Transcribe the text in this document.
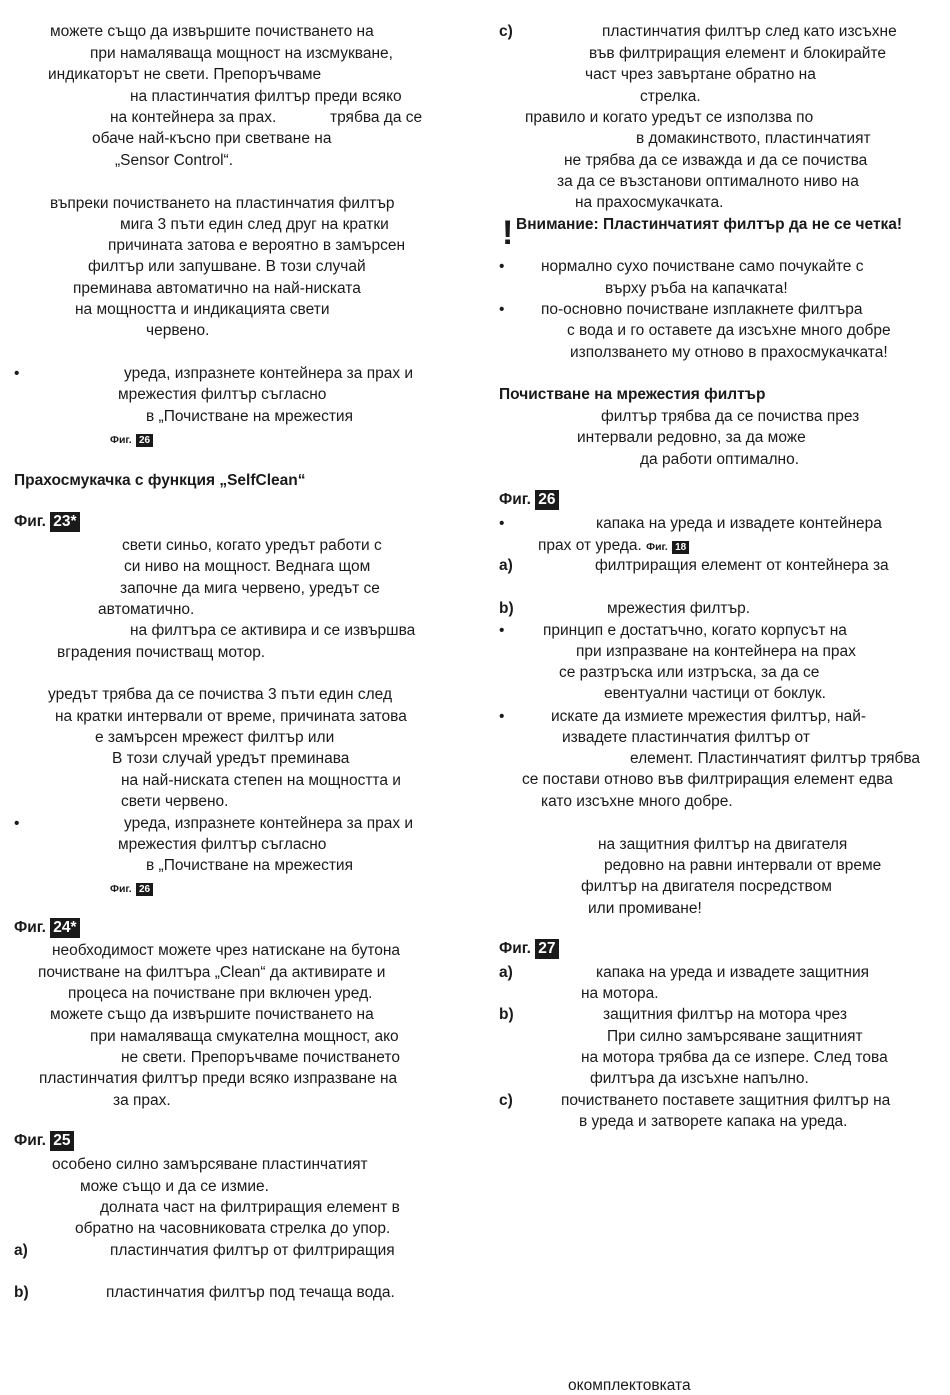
можете също да извършите почистването на
при намаляваща мощност на изсмукване,
индикаторът не свети. Препоръчваме
на пластинчатия филтър преди всяко
на контейнера за прах.	трябва да се
обаче най-късно при светване на
„Sensor Control“.
въпреки почистването на пластинчатия филтър
мига 3 пъти един след друг на кратки
причината затова е вероятно в замърсен
филтър или запушване. В този случай
преминава автоматично на най-ниската
на мощността и индикацията свети
червено.
•	уреда, изпразнете контейнера за прах и
мрежестия филтър съгласно
в „Почистване на мрежестия
Фиг. 26
Прахосмукачка с функция „SelfClean“
Фиг. 23*
свети синьо, когато уредът работи с
си ниво на мощност. Веднага щом
започне да мига червено, уредът се
автоматично.
на филтъра се активира и се извършва
вградения почистващ мотор.
уредът трябва да се почиства 3 пъти един след
на кратки интервали от време, причината затова
е замърсен мрежест филтър или
В този случай уредът преминава
на най-ниската степен на мощността и
свети червено.
•	уреда, изпразнете контейнера за прах и
мрежестия филтър съгласно
в „Почистване на мрежестия
Фиг. 26
Фиг. 24*
необходимост можете чрез натискане на бутона
почистване на филтъра „Clean“ да активирате и
процеса на почистване при включен уред.
можете също да извършите почистването на
при намаляваща смукателна мощност, ако
не свети. Препоръчваме почистването
пластинчатия филтър преди всяко изпразване на
за прах.
Фиг. 25
особено силно замърсяване пластинчатият
може също и да се измие.
долната част на филтриращия елемент в
обратно на часовниковата стрелка до упор.
a)	пластинчатия филтър от филтриращия
b)	пластинчатия филтър под течаща вода.
c)	пластинчатия филтър след като изсъхне
във филтриращия елемент и блокирайте
част чрез завъртане обратно на
стрелка.
правило и когато уредът се използва по
в домакинството, пластинчатият
не трябва да се изважда и да се почиства
за да се възстанови оптималното ниво на
на прахосмукачката.
! Внимание: Пластинчатият филтър да не се четка!
• нормално сухо почистване само почукайте с
върху ръба на капачката!
• по-основно почистване изплакнете филтъра
с вода и го оставете да изсъхне много добре
използването му отново в прахосмукачката!
Почистване на мрежестия филтър
филтър трябва да се почиства през
интервали редовно, за да може
да работи оптимално.
Фиг. 26
•	капака на уреда и извадете контейнера
прах от уреда. Фиг. 18
a)	филтриращия елемент от контейнера за
b)	мрежестия филтър.
• принцип е достатъчно, когато корпусът на
при изпразване на контейнера на прах
се разтръска или изтръска, за да се
евентуални частици от боклук.
•	искате да измиете мрежестия филтър, най-
извадете пластинчатия филтър от
елемент. Пластинчатият филтър трябва
се постави отново във филтриращия елемент едва
като изсъхне много добре.
на защитния филтър на двигателя
редовно на равни интервали от време
филтър на двигателя посредством
или промиване!
Фиг. 27
a)	капака на уреда и извадете защитния
на мотора.
b)	защитния филтър на мотора чрез
При силно замърсяване защитният
на мотора трябва да се изпере. След това
филтъра да изсъхне напълно.
c)	почистването поставете защитния филтър на
в уреда и затворете капака на уреда.
окомплектовката
